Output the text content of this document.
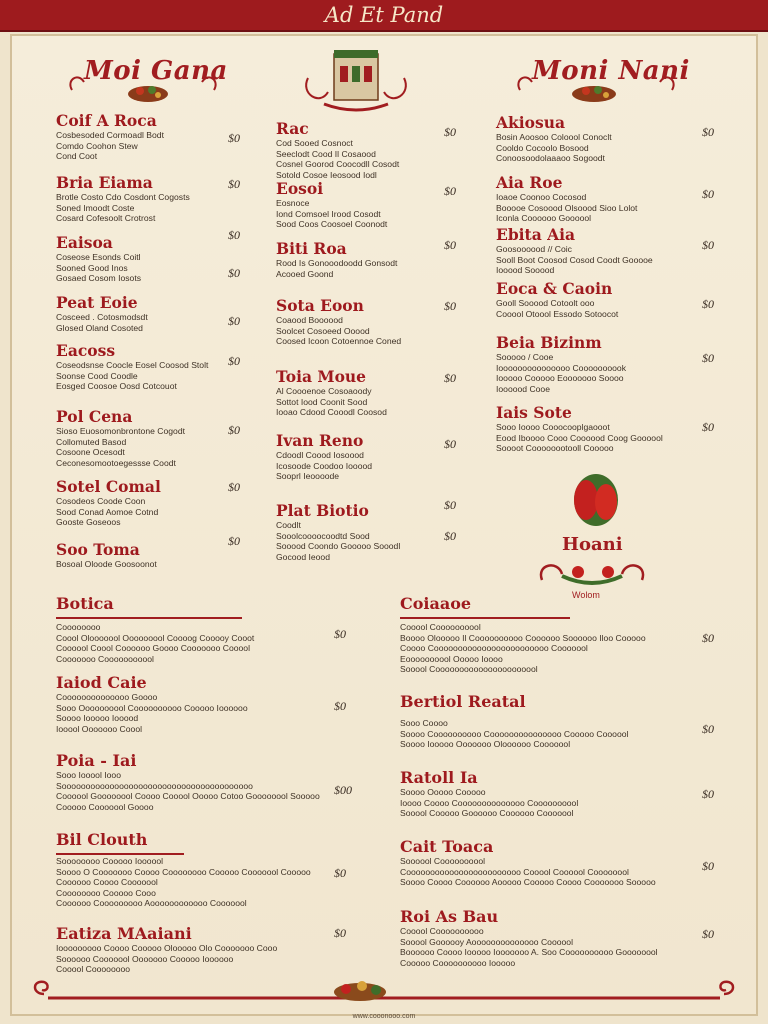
Ad Et Pand
Moi Gana	Moni Nani
Coif A Roca
Cosbesoded Cormoadl Bodt
Comdo Coohon Stew
Cond Coot
$0
Bria Eiama
Brotle Costo Cdo Cosdont Cogosts
Soned Imoodt Coste
Cosard Cofesoolt Crotrost
$0
Eaisoa
Coseose Esonds Coitl
Sooned Good Inos
Gosaed Cosom Iosots
$0
$0
Peat Eoie
Cosceed . Cotosmodsdt
Glosed Oland Cosoted	$0
Eacoss
Coseodsnse Coocle Eosel Coosod Stolt
Soonse Cood Coodle
Eosged Coosoe Oosd Cotcouot
$0
Pol Cena
Sioso Euosomonbrontone Cogodt
Collomuted Basod
Cosoone Ocesodt
Ceconesomootoegessse Coodt
$0
Sotel Comal
Cosodeos Coode Coon
Sood Conad Aomoe Cotnd
Gooste Goseoos
$0
Soo Toma
Bosoal Oloode Goosoonot
$0
Rac
Cod Sooed Cosnoct
Seeclodt Cood Il Cosaood
Cosnel Goorod Coocodll Cosodt
Sotold Cosoe Ieosood Iodl
$0
Eosoi
Eosnoce
Iond Comsoel Irood Cosodt
Sood Coos Coosoel Coonodt
$0
Biti Roa
Rood Is Gonooodoodd Gonsodt
Acooed Goond
$0
Sota Eoon
Coaood Boooood
Soolcet Cosoeed Ooood
Coosed Icoon Cotoennoe Coned
$0
Toia Moue
Al Coooenoe Cosoaoody
Sottot Iood Coonit Sood
Iooao Cdood Cooodl Coosod
$0
Ivan Reno
Cdoodl Coood Iosoood
Icosoode Coodoo Iooood
Sooprl Ieoooode
$0
Plat Biotio
Coodlt
Sooolcoooocoodtd Sood
Sooood Coondo Gooooo Sooodl
Gocood Ieood
$0
$0
Akiosua
Bosin Aoosoo Coloool Conoclt
Cooldo Cocoolo Bosood
Conoosoodolaaaoo Sogoodt
$0
Aia Roe
Ioaoe Coonoo Cocosod
Booooe Cosoood Olsoood Sioo Lolot
Iconla Coooooo Goooool
$0
Ebita Aia
Goosoooood // Coic
Sooll Boot Coosod Cosod Coodt Gooooe
Iooood Sooood
$0
Eoca & Caoin
Gooll Sooood Cotoolt ooo
Cooool Otoool Essodo Sotoocot
$0
Beia Bizinm
Sooooo / Cooe
Iooooooooooooooo Coooooooook
Iooooo Cooooo Eooooooo Soooo
Ioooood Cooe
$0
Iais Sote
Sooo Ioooo Cooocooplgaooot
Eood Iboooo Cooo Coooood Coog Goooool
Soooot Coooooootooll Cooooo
$0
Hoani
Wolom
Botica
Coooooooo
Coool Olooooool Ooooooool Coooog Cooooy Cooot
Coooool Coool Coooooo Goooo Cooooooo Cooool
Cooooooo Cooooooooool
$0
Iaiod Caie
Coooooooooooooo Goooo
Sooo Oooooooool Coooooooooo Cooooo Ioooooo
Soooo Iooooo Iooood
Iooool Ooooooo Coool
$0
Poia - Iai
Sooo Iooool Iooo
Soooooooooooooooooooooooooooooooooooooooo
Coooool Goooooool Coooo Cooool Ooooo Cotoo Goooooool Sooooo
Cooooo Cooooool Goooo
$00
Bil Clouth
Soooooooo Cooooo Ioooool
Soooo O Cooooooo Coooo Coooooooo Cooooo Cooooool Cooooo
Coooooo Coooo Cooooool
Coooooooo Cooooo Cooo
Coooooo Cooooooooo Aoooooooooooo Cooooool
$0
Eatiza MAaiani
Iooooooooo Coooo Cooooo Olooooo Olo Cooooooo Cooo
Soooooo Cooooool Ooooooo Cooooo Ioooooo
Cooool Coooooooo
$0
Coiaaoe
Cooool Coooooooool
Boooo Olooooo Il Coooooooooo Coooooo Soooooo Iloo Cooooo
Coooo Coooooooooooooooooooooooo Cooooool
Eoooooooool Ooooo Ioooo
Sooool Coooooooooooooooooooool
$0
Bertiol Reatal
Sooo Coooo
Soooo Coooooooooo Cooooooooooooooo Cooooo Coooool
Soooo Iooooo Ooooooo Oloooooo Cooooool
$0
Ratoll Ia
Soooo Ooooo Cooooo
Ioooo Coooo Coooooooooooooo Coooooooool
Sooool Cooooo Goooooo Coooooo Cooooool
$0
Cait Toaca
Soooool Coooooooool
Coooooooooooooooooooooooo Cooool Coooool Coooooool
Soooo Coooo Coooooo Aooooo Cooooo Coooo Cooooooo Sooooo
$0
Roi As Bau
Cooool Coooooooooo
Sooool Goooooy Aoooooooooooooo Coooool
Boooooo Coooo Iooooo Iooooooo A. Soo Coooooooooo Goooooool
Cooooo Coooooooooo Iooooo
$0
www.cooonooo.com
